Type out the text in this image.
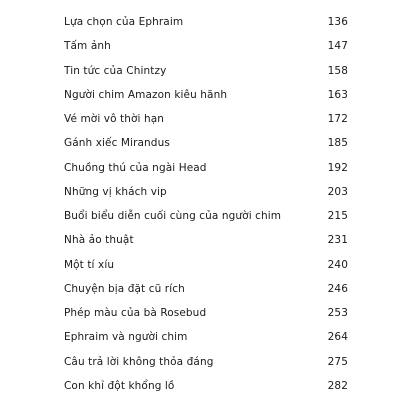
Lựa chọn của Ephraim	136
Tấm ảnh	147
Tin tức của Chintzy	158
Người chim Amazon kiêu hãnh	163
Vé mời vô thời hạn	172
Gánh xiếc Mirandus	185
Chuồng thú của ngài Head	192
Những vị khách vip	203
Buổi biểu diễn cuối cùng của người chim	215
Nhà ảo thuật	231
Một tí xíu	240
Chuyện bịa đặt cũ rích	246
Phép màu của bà Rosebud	253
Ephraim và người chim	264
Câu trả lời không thỏa đáng	275
Con khỉ đột khổng lồ	282
